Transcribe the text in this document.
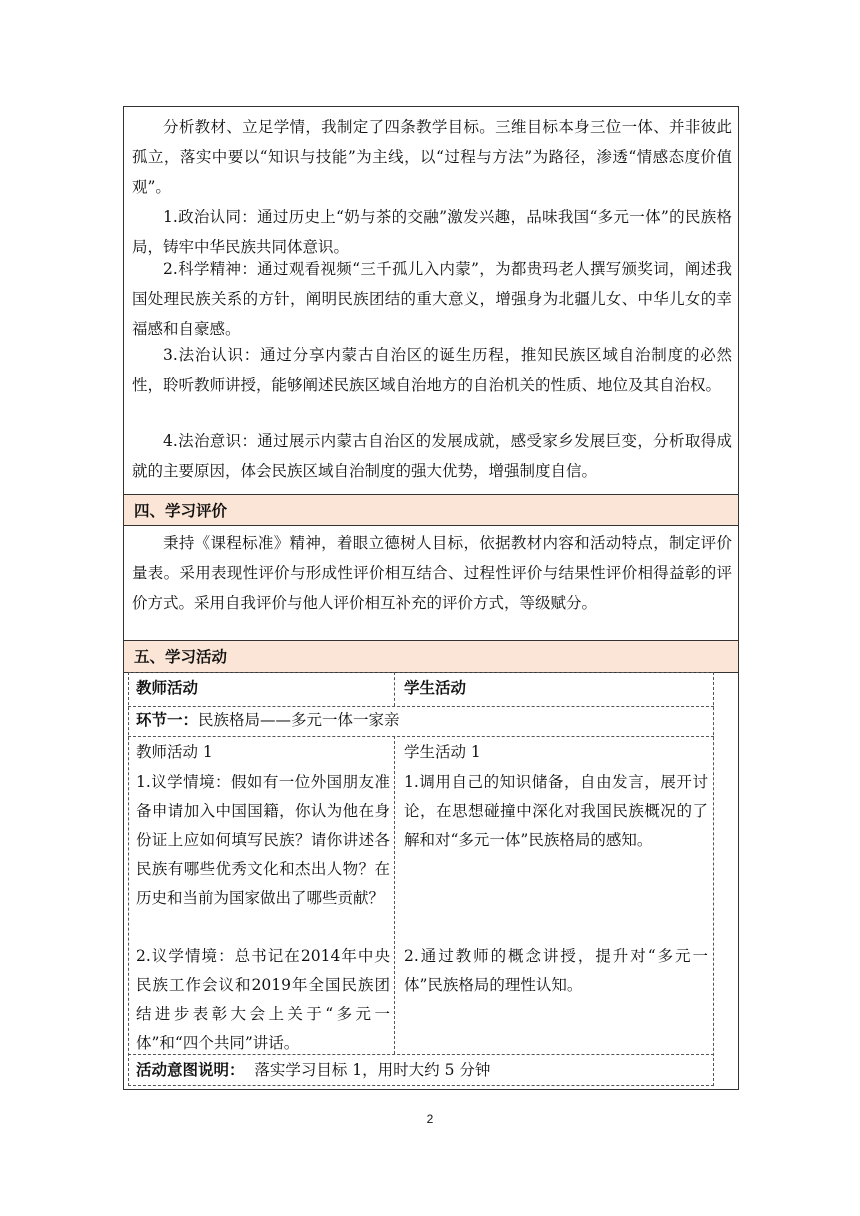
分析教材、立足学情，我制定了四条教学目标。三维目标本身三位一体、并非彼此孤立，落实中要以“知识与技能”为主线，以“过程与方法”为路径，渗透“情感态度价值观”。

1.政治认同：通过历史上“奶与茶的交融”激发兴趣，品味我国“多元一体”的民族格局，铸牢中华民族共同体意识。

2.科学精神：通过观看视频“三千孤儿入内蒙”，为都贵玛老人撰写颁奖词，阐述我国处理民族关系的方针，阐明民族团结的重大意义，增强身为北疆儿女、中华儿女的幸福感和自豪感。

3.法治认识：通过分享内蒙古自治区的诞生历程，推知民族区域自治制度的必然性，聆听教师讲授，能够阐述民族区域自治地方的自治机关的性质、地位及其自治权。

4.法治意识：通过展示内蒙古自治区的发展成就，感受家乡发展巨变，分析取得成就的主要原因，体会民族区域自治制度的强大优势，增强制度自信。

四、学习评价

秉持《课程标准》精神，着眼立德树人目标，依据教材内容和活动特点，制定评价量表。采用表现性评价与形成性评价相互结合、过程性评价与结果性评价相得益彰的评价方式。采用自我评价与他人评价相互补充的评价方式，等级赋分。

五、学习活动

教师活动	学生活动

环节一：民族格局——多元一体一家亲

教师活动 1

1.议学情境：假如有一位外国朋友准备申请加入中国国籍，你认为他在身份证上应如何填写民族？请你讲述各民族有哪些优秀文化和杰出人物？在历史和当前为国家做出了哪些贡献？

2.议学情境：总书记在2014年中央民族工作会议和2019年全国民族团结进步表彰大会上关于“多元一体”和“四个共同”讲话。

学生活动 1

1.调用自己的知识储备，自由发言，展开讨论，在思想碰撞中深化对我国民族概况的了解和对“多元一体”民族格局的感知。

2.通过教师的概念讲授，提升对“多元一体”民族格局的理性认知。

活动意图说明： 落实学习目标 1，用时大约 5 分钟

2
